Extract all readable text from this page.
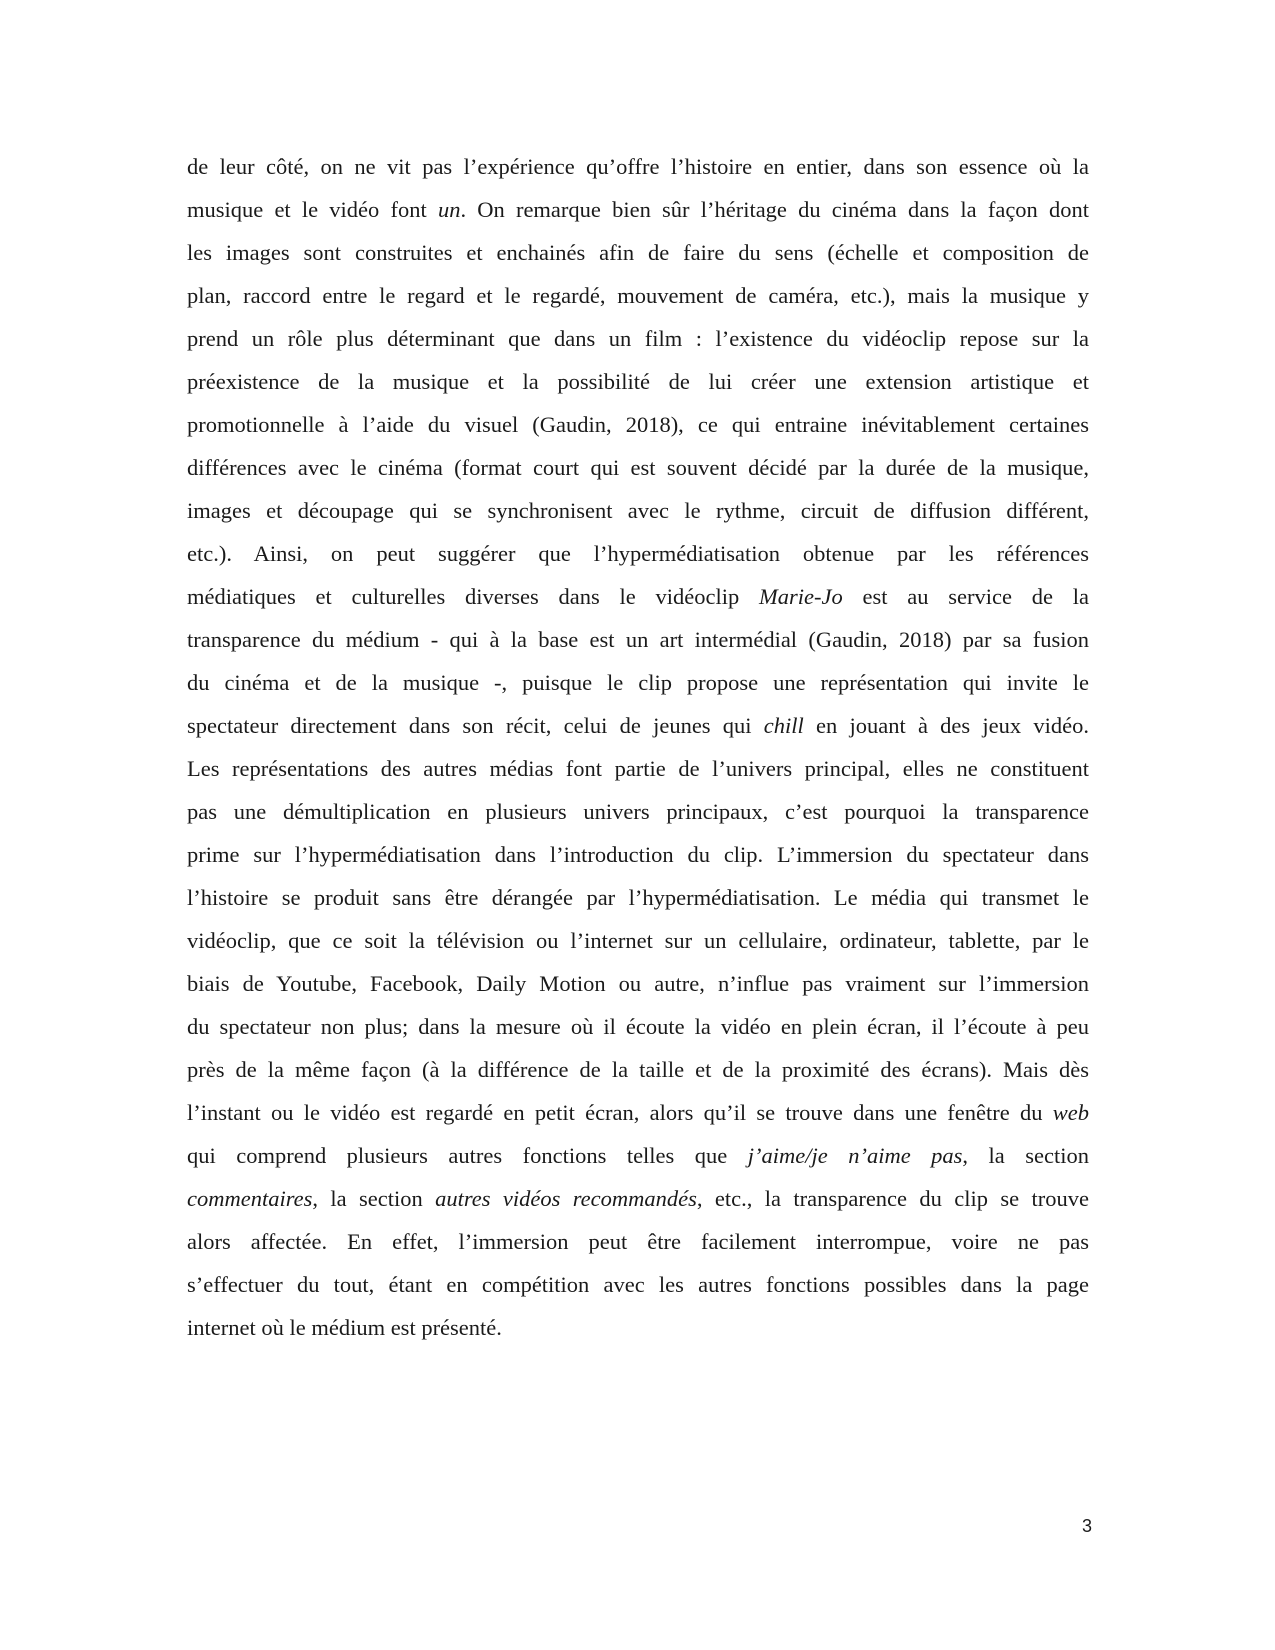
de leur côté, on ne vit pas l’expérience qu’offre l’histoire en entier, dans son essence où la
musique et le vidéo font un. On remarque bien sûr l’héritage du cinéma dans la façon dont
les images sont construites et enchainés afin de faire du sens (échelle et composition de
plan, raccord entre le regard et le regardé, mouvement de caméra, etc.), mais la musique y
prend un rôle plus déterminant que dans un film : l’existence du vidéoclip repose sur la
préexistence de la musique et la possibilité de lui créer une extension artistique et
promotionnelle à l’aide du visuel (Gaudin, 2018), ce qui entraine inévitablement certaines
différences avec le cinéma (format court qui est souvent décidé par la durée de la musique,
images et découpage qui se synchronisent avec le rythme, circuit de diffusion différent,
etc.). Ainsi, on peut suggérer que l’hypermédiatisation obtenue par les références
médiatiques et culturelles diverses dans le vidéoclip Marie-Jo est au service de la
transparence du médium - qui à la base est un art intermédial (Gaudin, 2018) par sa fusion
du cinéma et de la musique -, puisque le clip propose une représentation qui invite le
spectateur directement dans son récit, celui de jeunes qui chill en jouant à des jeux vidéo.
Les représentations des autres médias font partie de l’univers principal, elles ne constituent
pas une démultiplication en plusieurs univers principaux, c’est pourquoi la transparence
prime sur l’hypermédiatisation dans l’introduction du clip. L’immersion du spectateur dans
l’histoire se produit sans être dérangée par l’hypermédiatisation. Le média qui transmet le
vidéoclip, que ce soit la télévision ou l’internet sur un cellulaire, ordinateur, tablette, par le
biais de Youtube, Facebook, Daily Motion ou autre, n’influe pas vraiment sur l’immersion
du spectateur non plus; dans la mesure où il écoute la vidéo en plein écran, il l’écoute à peu
près de la même façon (à la différence de la taille et de la proximité des écrans). Mais dès
l’instant ou le vidéo est regardé en petit écran, alors qu’il se trouve dans une fenêtre du web
qui comprend plusieurs autres fonctions telles que j’aime/je n’aime pas, la section
commentaires, la section autres vidéos recommandés, etc., la transparence du clip se trouve
alors affectée. En effet, l’immersion peut être facilement interrompue, voire ne pas
s’effectuer du tout, étant en compétition avec les autres fonctions possibles dans la page
internet où le médium est présenté.
3
